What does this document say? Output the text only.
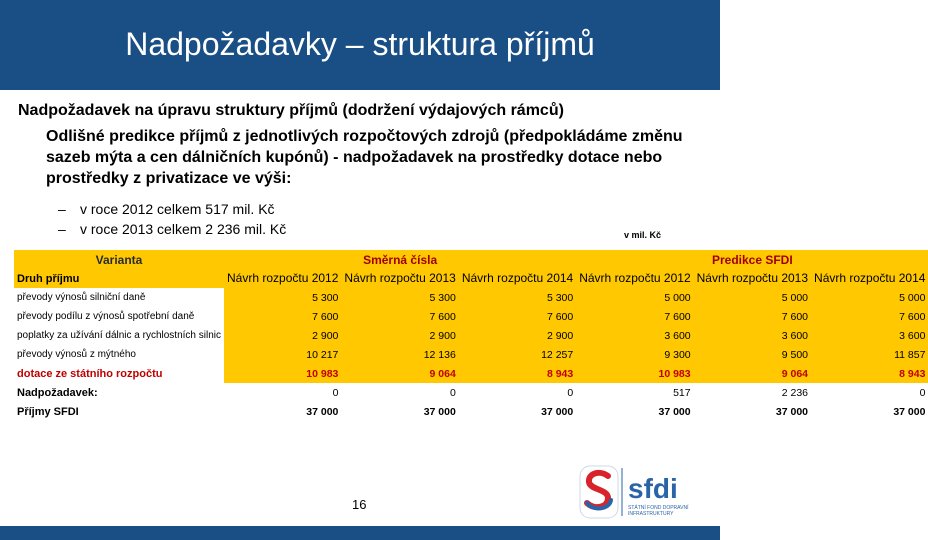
Nadpožadavky – struktura příjmů

Nadpožadavek na úpravu struktury příjmů (dodržení výdajových rámců)

Odlišné predikce příjmů z jednotlivých rozpočtových zdrojů (předpokládáme změnu sazeb mýta a cen dálničních kupónů) - nadpožadavek na prostředky dotace nebo prostředky z privatizace ve výši:

– v roce 2012 celkem 517 mil. Kč
– v roce 2013 celkem 2 236 mil. Kč	v mil. Kč
Varianta	Směrná čísla			Predikce SFDI		
Druh příjmu	Návrh rozpočtu 2012	Návrh rozpočtu 2013	Návrh rozpočtu 2014	Návrh rozpočtu 2012	Návrh rozpočtu 2013	Návrh rozpočtu 2014
převody výnosů silniční daně	5 300	5 300	5 300	5 000	5 000	5 000
převody podílu z výnosů spotřební daně	7 600	7 600	7 600	7 600	7 600	7 600
poplatky za užívání dálnic a rychlostních silnic	2 900	2 900	2 900	3 600	3 600	3 600
převody výnosů z mýtného	10 217	12 136	12 257	9 300	9 500	11 857
dotace ze státního rozpočtu	10 983	9 064	8 943	10 983	9 064	8 943
Nadpožadavek:	0	0	0	517	2 236	0
Příjmy SFDI	37 000	37 000	37 000	37 000	37 000	37 000
16
sfdi
STÁTNÍ FOND DOPRAVNÍ INFRASTRUKTURY
